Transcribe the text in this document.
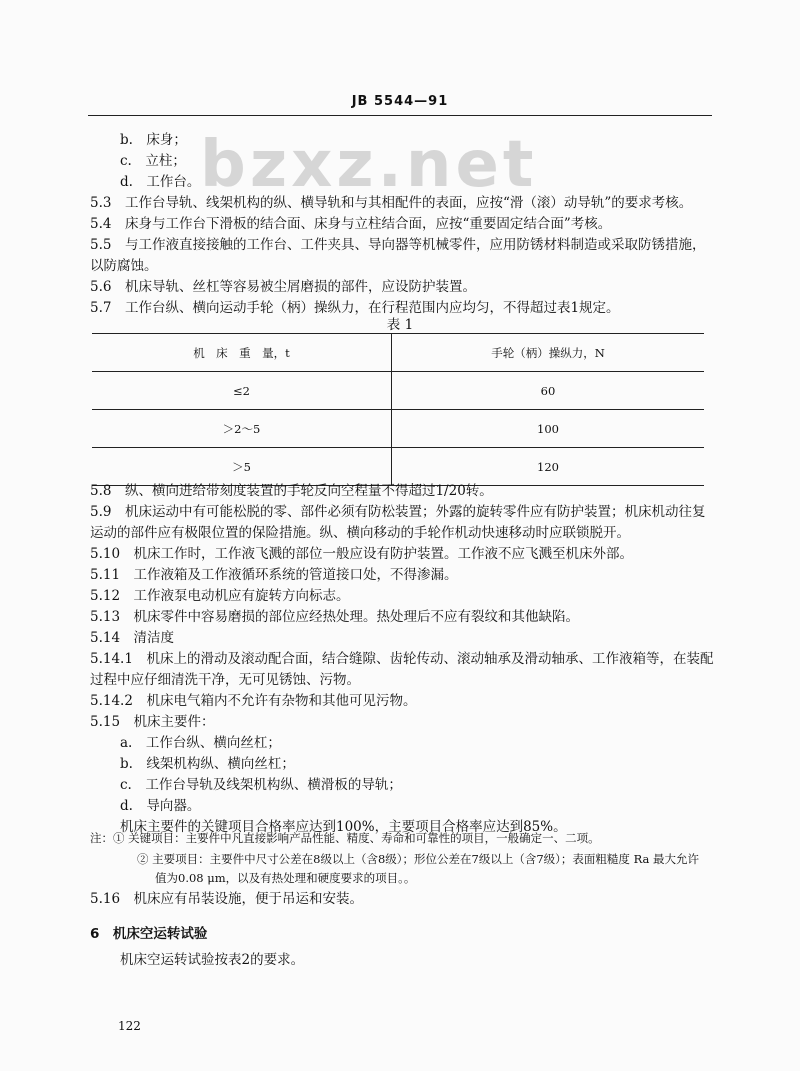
JB 5544—91
bzxz.net
b.　床身；
c.　立柱；
d.　工作台。
5.3　工作台导轨、线架机构的纵、横导轨和与其相配件的表面，应按“滑（滚）动导轨”的要求考核。
5.4　床身与工作台下滑板的结合面、床身与立柱结合面，应按“重要固定结合面”考核。
5.5　与工作液直接接触的工作台、工件夹具、导向器等机械零件，应用防锈材料制造或采取防锈措施，
以防腐蚀。
5.6　机床导轨、丝杠等容易被尘屑磨损的部件，应设防护装置。
5.7　工作台纵、横向运动手轮（柄）操纵力，在行程范围内应均匀，不得超过表1规定。
表 1
机　床　重　量，t	手轮（柄）操纵力，N
≤2	60
＞2～5	100
＞5	120
5.8　纵、横向进给带刻度装置的手轮反向空程量不得超过1/20转。
5.9　机床运动中有可能松脱的零、部件必须有防松装置；外露的旋转零件应有防护装置；机床机动往复
运动的部件应有极限位置的保险措施。纵、横向移动的手轮作机动快速移动时应联锁脱开。
5.10　机床工作时，工作液飞溅的部位一般应设有防护装置。工作液不应飞溅至机床外部。
5.11　工作液箱及工作液循环系统的管道接口处，不得渗漏。
5.12　工作液泵电动机应有旋转方向标志。
5.13　机床零件中容易磨损的部位应经热处理。热处理后不应有裂纹和其他缺陷。
5.14　清洁度
5.14.1　机床上的滑动及滚动配合面，结合缝隙、齿轮传动、滚动轴承及滑动轴承、工作液箱等，在装配
过程中应仔细清洗干净，无可见锈蚀、污物。
5.14.2　机床电气箱内不允许有杂物和其他可见污物。
5.15　机床主要件：
a.　工作台纵、横向丝杠；
b.　线架机构纵、横向丝杠；
c.　工作台导轨及线架机构纵、横滑板的导轨；
d.　导向器。
机床主要件的关键项目合格率应达到100%，主要项目合格率应达到85%。
注：① 关键项目：主要件中凡直接影响产品性能、精度、寿命和可靠性的项目，一般确定一、二项。
② 主要项目：主要件中尺寸公差在8级以上（含8级）；形位公差在7级以上（含7级）；表面粗糙度 Ra 最大允许
值为0.08 μm，以及有热处理和硬度要求的项目。。
5.16　机床应有吊装设施，便于吊运和安装。
6　机床空运转试验
机床空运转试验按表2的要求。
122
